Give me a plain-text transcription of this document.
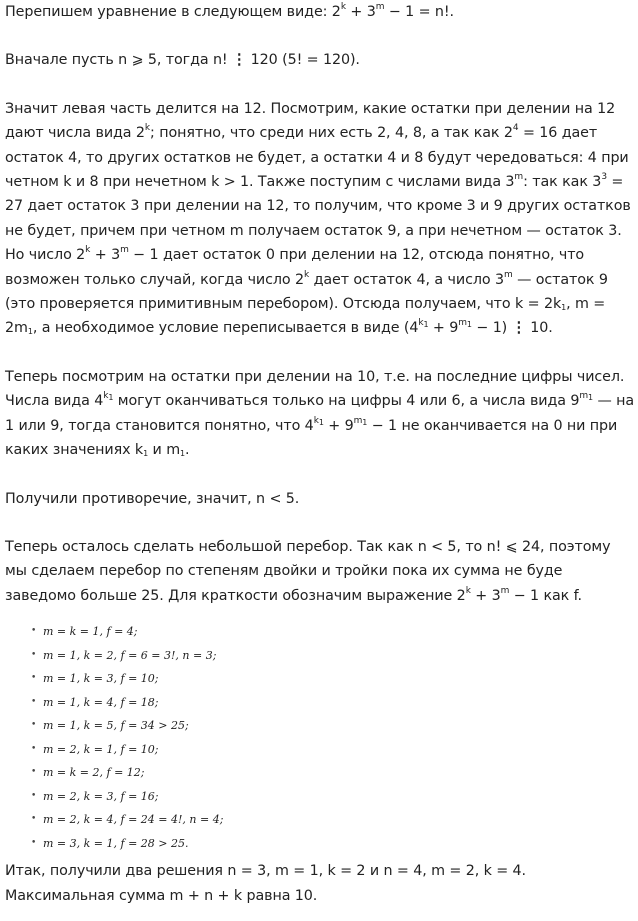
Перепишем уравнение в следующем виде: $2^k + 3^m - 1 = n$!.

Вначале пусть n ⩾ 5, тогда n! ⋮ 120 (5! = 120).

Значит левая часть делится на 12. Посмотрим, какие остатки при делении на 12 дают числа вида 2$^k$; понятно, что среди них есть 2, 4, 8, а так как $2^4 = 16$ дает остаток 4, то других остатков не будет, а остатки 4 и 8 будут чередоваться: 4 при четном k и 8 при нечетном k > 1. Также поступим с числами вида 3$^m$: так как $3^3 = 27$ дает остаток 3 при делении на 12, то получим, что кроме 3 и 9 других остатков не будет, причем при четном m получаем остаток 9, а при нечетном — остаток 3. Но число $2^k + 3^m - 1$ дает остаток 0 при делении на 12, отсюда понятно, что возможен только случай, когда число 2$^k$ дает остаток 4, а число 3$^m$ — остаток 9 (это проверяется примитивным перебором). Отсюда получаем, что $k = 2k_1$, $m = 2m_1$, а необходимое условие переписывается в виде $(4^{k_1} + 9^{m_1} - 1)$ ⋮ 10.

Теперь посмотрим на остатки при делении на 10, т.е. на последние цифры чисел. Числа вида $4^{k_1}$ могут оканчиваться только на цифры 4 или 6, а числа вида $9^{m_1}$ — на 1 или 9, тогда становится понятно, что $4^{k_1} + 9^{m_1} - 1$ не оканчивается на 0 ни при каких значениях $k_1$ и $m_1$.

Получили противоречие, значит, n < 5.

Теперь осталось сделать небольшой перебор. Так как n < 5, то n! ⩽ 24, поэтому мы сделаем перебор по степеням двойки и тройки пока их сумма не буде заведомо больше 25. Для краткости обозначим выражение $2^k + 3^m - 1$ как f.

• m = k = 1, f = 4;
• m = 1, k = 2, f = 6 = 3!, n = 3;
• m = 1, k = 3, f = 10;
• m = 1, k = 4, f = 18;
• m = 1, k = 5, f = 34 > 25;
• m = 2, k = 1, f = 10;
• m = k = 2, f = 12;
• m = 2, k = 3, f = 16;
• m = 2, k = 4, f = 24 = 4!, n = 4;
• m = 3, k = 1, f = 28 > 25.

Итак, получили два решения n = 3, m = 1, k = 2 и n = 4, m = 2, k = 4. Максимальная сумма m + n + k равна 10.
